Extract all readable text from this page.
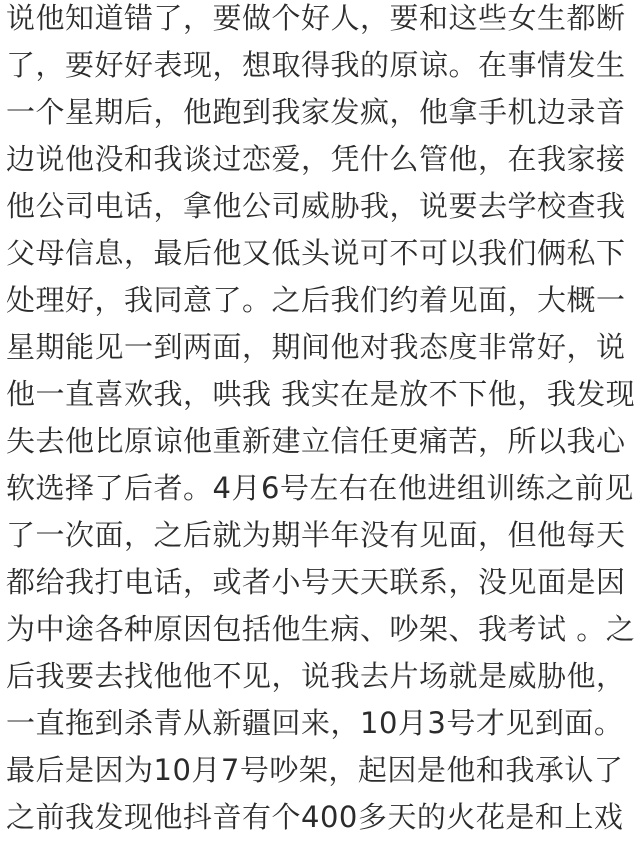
说他知道错了，要做个好人，要和这些女生都断
了，要好好表现，想取得我的原谅。在事情发生
一个星期后，他跑到我家发疯，他拿手机边录音
边说他没和我谈过恋爱，凭什么管他，在我家接
他公司电话，拿他公司威胁我，说要去学校查我
父母信息，最后他又低头说可不可以我们俩私下
处理好，我同意了。之后我们约着见面，大概一
星期能见一到两面，期间他对我态度非常好，说
他一直喜欢我，哄我 我实在是放不下他，我发现
失去他比原谅他重新建立信任更痛苦，所以我心
软选择了后者。4月6号左右在他进组训练之前见
了一次面，之后就为期半年没有见面，但他每天
都给我打电话，或者小号天天联系，没见面是因
为中途各种原因包括他生病、吵架、我考试 。之
后我要去找他他不见，说我去片场就是威胁他，
一直拖到杀青从新疆回来，10月3号才见到面。
最后是因为10月7号吵架，起因是他和我承认了
之前我发现他抖音有个400多天的火花是和上戏
